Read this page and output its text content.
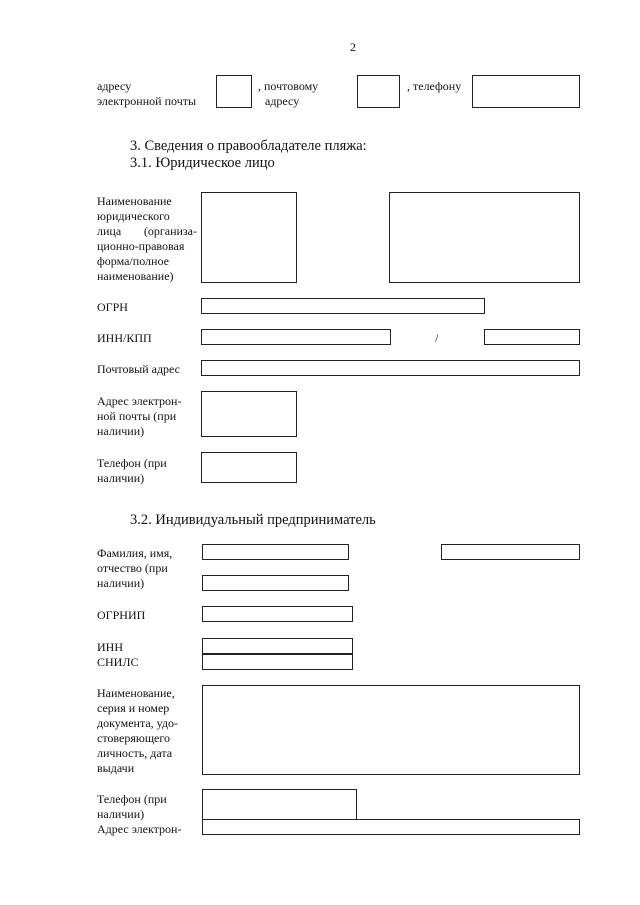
2
адресу
электронной почты
, почтовому
адресу
, телефону
3. Сведения о правообладателе пляжа:
3.1. Юридическое лицо
Наименование
юридического
лица (организа-
ционно-правовая
форма/полное
наименование)
ОГРН
ИНН/КПП	/
Почтовый адрес
Адрес электрон-
ной почты (при
наличии)
Телефон (при
наличии)
3.2. Индивидуальный предприниматель
Фамилия, имя,
отчество (при
наличии)
ОГРНИП
ИНН
СНИЛС
Наименование,
серия и номер
документа, удо-
стоверяющего
личность, дата
выдачи
Телефон (при
наличии)
Адрес электрон-
